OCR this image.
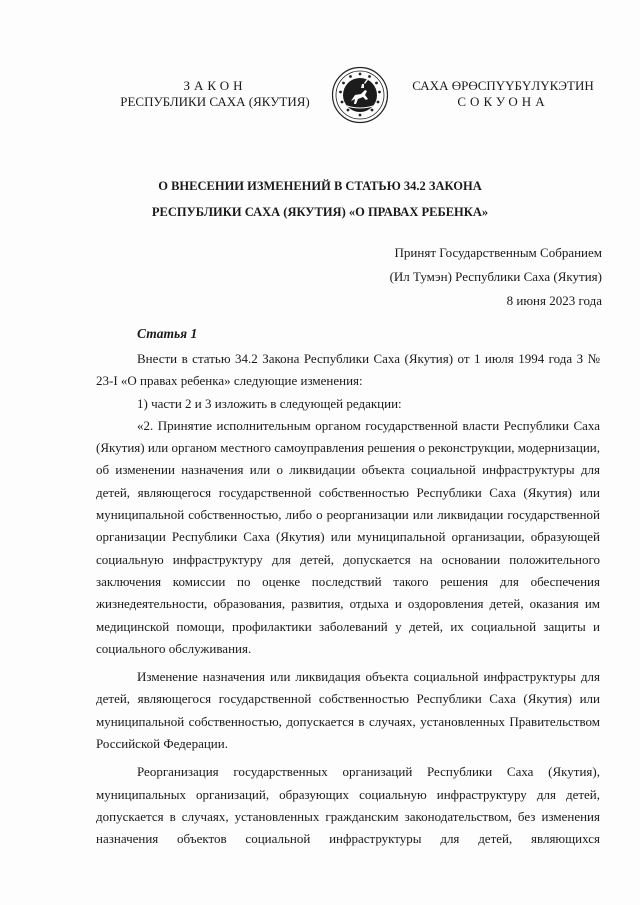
ЗАКОН
РЕСПУБЛИКИ САХА (ЯКУТИЯ)
САХА ӨРӨСПҮҮБҮЛҮКЭТИН
СОКУОНА
О ВНЕСЕНИИ ИЗМЕНЕНИЙ В СТАТЬЮ 34.2 ЗАКОНА
РЕСПУБЛИКИ САХА (ЯКУТИЯ) «О ПРАВАХ РЕБЕНКА»
Принят Государственным Собранием
(Ил Тумэн) Республики Саха (Якутия)
8 июня 2023 года
Статья 1

Внести в статью 34.2 Закона Республики Саха (Якутия) от 1 июля 1994 года З № 23-I «О правах ребенка» следующие изменения:

1) части 2 и 3 изложить в следующей редакции:

«2. Принятие исполнительным органом государственной власти Республики Саха (Якутия) или органом местного самоуправления решения о реконструкции, модернизации, об изменении назначения или о ликвидации объекта социальной инфраструктуры для детей, являющегося государственной собственностью Республики Саха (Якутия) или муниципальной собственностью, либо о реорганизации или ликвидации государственной организации Республики Саха (Якутия) или муниципальной организации, образующей социальную инфраструктуру для детей, допускается на основании положительного заключения комиссии по оценке последствий такого решения для обеспечения жизнедеятельности, образования, развития, отдыха и оздоровления детей, оказания им медицинской помощи, профилактики заболеваний у детей, их социальной защиты и социального обслуживания.

Изменение назначения или ликвидация объекта социальной инфраструктуры для детей, являющегося государственной собственностью Республики Саха (Якутия) или муниципальной собственностью, допускается в случаях, установленных Правительством Российской Федерации.

Реорганизация государственных организаций Республики Саха (Якутия), муниципальных организаций, образующих социальную инфраструктуру для детей, допускается в случаях, установленных гражданским законодательством, без изменения назначения объектов социальной инфраструктуры для детей, являющихся
